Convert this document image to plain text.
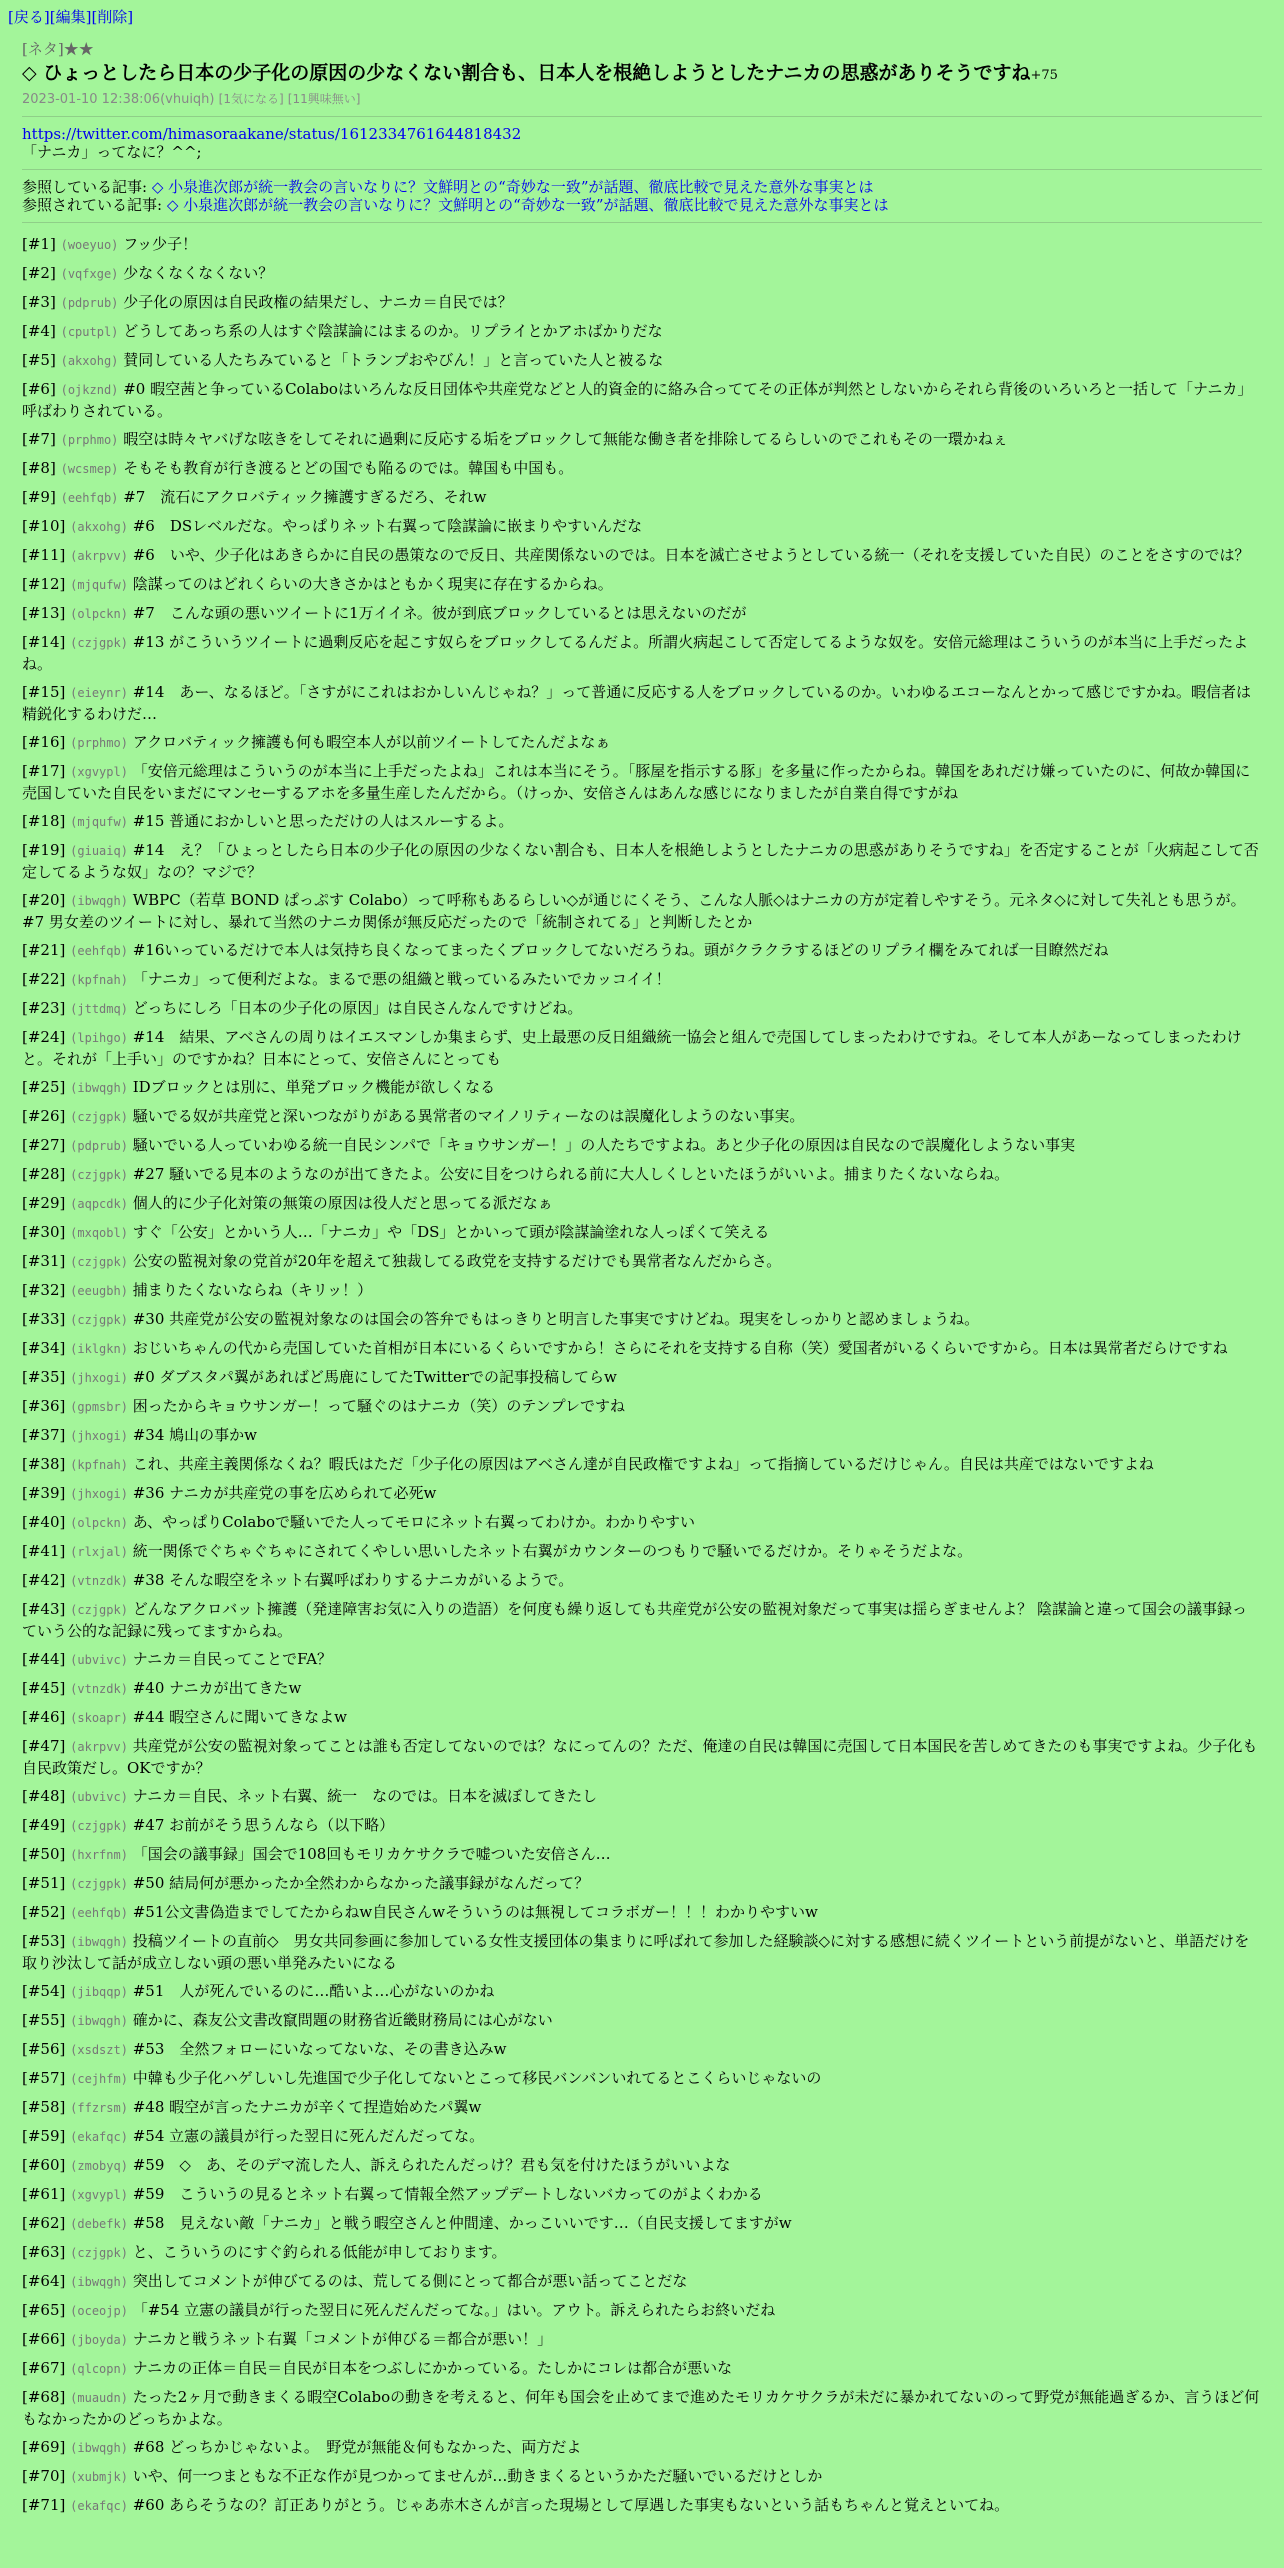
[戻る][編集][削除]
[ネタ]★★
◇ ひょっとしたら日本の少子化の原因の少なくない割合も、日本人を根絶しようとしたナニカの思惑がありそうですね+75
2023-01-10 12:38:06(vhuiqh) [1気になる] [11興味無い]
https://twitter.com/himasoraakane/status/1612334761644818432
「ナニカ」ってなに？^^;
参照している記事: ◇ 小泉進次郎が統一教会の言いなりに？文鮮明との“奇妙な一致”が話題、徹底比較で見えた意外な事実とは
参照されている記事: ◇ 小泉進次郎が統一教会の言いなりに？文鮮明との“奇妙な一致”が話題、徹底比較で見えた意外な事実とは
[#1] (woeyuo) フッ少子！
[#2] (vqfxge) 少なくなくなくない？
[#3] (pdprub) 少子化の原因は自民政権の結果だし、ナニカ＝自民では？
[#4] (cputpl) どうしてあっち系の人はすぐ陰謀論にはまるのか。リプライとかアホばかりだな
[#5] (akxohg) 賛同している人たちみていると「トランプおやびん！」と言っていた人と被るな
[#6] (ojkznd) #0 暇空茜と争っているColaboはいろんな反日団体や共産党などと人的資金的に絡み合っててその正体が判然としないからそれら背後のいろいろと一括して「ナニカ」呼ばわりされている。
[#7] (prphmo) 暇空は時々ヤバげな呟きをしてそれに過剰に反応する垢をブロックして無能な働き者を排除してるらしいのでこれもその一環かねぇ
[#8] (wcsmep) そもそも教育が行き渡るとどの国でも陥るのでは。韓国も中国も。
[#9] (eehfqb) #7　流石にアクロバティック擁護すぎるだろ、それw
[#10] (akxohg) #6　DSレベルだな。やっぱりネット右翼って陰謀論に嵌まりやすいんだな
[#11] (akrpvv) #6　いや、少子化はあきらかに自民の愚策なので反日、共産関係ないのでは。日本を滅亡させようとしている統一（それを支援していた自民）のことをさすのでは？
[#12] (mjqufw) 陰謀ってのはどれくらいの大きさかはともかく現実に存在するからね。
[#13] (olpckn) #7　こんな頭の悪いツイートに1万イイネ。彼が到底ブロックしているとは思えないのだが
[#14] (czjgpk) #13 がこういうツイートに過剰反応を起こす奴らをブロックしてるんだよ。所謂火病起こして否定してるような奴を。安倍元総理はこういうのが本当に上手だったよね。
[#15] (eieynr) #14　あー、なるほど。「さすがにこれはおかしいんじゃね？」って普通に反応する人をブロックしているのか。いわゆるエコーなんとかって感じですかね。暇信者は精鋭化するわけだ…
[#16] (prphmo) アクロバティック擁護も何も暇空本人が以前ツイートしてたんだよなぁ
[#17] (xgvypl) 「安倍元総理はこういうのが本当に上手だったよね」これは本当にそう。「豚屋を指示する豚」を多量に作ったからね。韓国をあれだけ嫌っていたのに、何故か韓国に売国していた自民をいまだにマンセーするアホを多量生産したんだから。（けっか、安倍さんはあんな感じになりましたが自業自得ですがね
[#18] (mjqufw) #15 普通におかしいと思っただけの人はスルーするよ。
[#19] (giuaiq) #14　え？「ひょっとしたら日本の少子化の原因の少なくない割合も、日本人を根絶しようとしたナニカの思惑がありそうですね」を否定することが「火病起こして否定してるような奴」なの？マジで？
[#20] (ibwqgh) WBPC（若草 BOND ぱっぷす Colabo）って呼称もあるらしい◇が通じにくそう、こんな人脈◇はナニカの方が定着しやすそう。元ネタ◇に対して失礼とも思うが。　#7 男女差のツイートに対し、暴れて当然のナニカ関係が無反応だったので「統制されてる」と判断したとか
[#21] (eehfqb) #16いっているだけで本人は気持ち良くなってまったくブロックしてないだろうね。頭がクラクラするほどのリプライ欄をみてれば一目瞭然だね
[#22] (kpfnah) 「ナニカ」って便利だよな。まるで悪の組織と戦っているみたいでカッコイイ！
[#23] (jttdmq) どっちにしろ「日本の少子化の原因」は自民さんなんですけどね。
[#24] (lpihgo) #14　結果、アベさんの周りはイエスマンしか集まらず、史上最悪の反日組織統一協会と組んで売国してしまったわけですね。そして本人があーなってしまったわけと。それが「上手い」のですかね？日本にとって、安倍さんにとっても
[#25] (ibwqgh) IDブロックとは別に、単発ブロック機能が欲しくなる
[#26] (czjgpk) 騒いでる奴が共産党と深いつながりがある異常者のマイノリティーなのは誤魔化しようのない事実。
[#27] (pdprub) 騒いでいる人っていわゆる統一自民シンパで「キョウサンガー！」の人たちですよね。あと少子化の原因は自民なので誤魔化しようない事実
[#28] (czjgpk) #27 騒いでる見本のようなのが出てきたよ。公安に目をつけられる前に大人しくしといたほうがいいよ。捕まりたくないならね。
[#29] (aqpcdk) 個人的に少子化対策の無策の原因は役人だと思ってる派だなぁ
[#30] (mxqobl) すぐ「公安」とかいう人…「ナニカ」や「DS」とかいって頭が陰謀論塗れな人っぽくて笑える
[#31] (czjgpk) 公安の監視対象の党首が20年を超えて独裁してる政党を支持するだけでも異常者なんだからさ。
[#32] (eeugbh) 捕まりたくないならね（キリッ！）
[#33] (czjgpk) #30 共産党が公安の監視対象なのは国会の答弁でもはっきりと明言した事実ですけどね。現実をしっかりと認めましょうね。
[#34] (iklgkn) おじいちゃんの代から売国していた首相が日本にいるくらいですから！さらにそれを支持する自称（笑）愛国者がいるくらいですから。日本は異常者だらけですね
[#35] (jhxogi) #0 ダブスタパ翼があればど馬鹿にしてたTwitterでの記事投稿してらw
[#36] (gpmsbr) 困ったからキョウサンガー！って騒ぐのはナニカ（笑）のテンプレですね
[#37] (jhxogi) #34 鳩山の事かw
[#38] (kpfnah) これ、共産主義関係なくね？暇氏はただ「少子化の原因はアベさん達が自民政権ですよね」って指摘しているだけじゃん。自民は共産ではないですよね
[#39] (jhxogi) #36 ナニカが共産党の事を広められて必死w
[#40] (olpckn) あ、やっぱりColaboで騒いでた人ってモロにネット右翼ってわけか。わかりやすい
[#41] (rlxjal) 統一関係でぐちゃぐちゃにされてくやしい思いしたネット右翼がカウンターのつもりで騒いでるだけか。そりゃそうだよな。
[#42] (vtnzdk) #38 そんな暇空をネット右翼呼ばわりするナニカがいるようで。
[#43] (czjgpk) どんなアクロバット擁護（発達障害お気に入りの造語）を何度も繰り返しても共産党が公安の監視対象だって事実は揺らぎませんよ？ 陰謀論と違って国会の議事録っていう公的な記録に残ってますからね。
[#44] (ubvivc) ナニカ＝自民ってことでFA？
[#45] (vtnzdk) #40 ナニカが出てきたw
[#46] (skoapr) #44 暇空さんに聞いてきなよw
[#47] (akrpvv) 共産党が公安の監視対象ってことは誰も否定してないのでは？なにってんの？ただ、俺達の自民は韓国に売国して日本国民を苦しめてきたのも事実ですよね。少子化も自民政策だし。OKですか？
[#48] (ubvivc) ナニカ＝自民、ネット右翼、統一　なのでは。日本を滅ぼしてきたし
[#49] (czjgpk) #47 お前がそう思うんなら（以下略）
[#50] (hxrfnm) 「国会の議事録」国会で108回もモリカケサクラで嘘ついた安倍さん…
[#51] (czjgpk) #50 結局何が悪かったか全然わからなかった議事録がなんだって？
[#52] (eehfqb) #51公文書偽造までしてたからねw自民さんwそういうのは無視してコラボガー！！！わかりやすいw
[#53] (ibwqgh) 投稿ツイートの直前◇　男女共同参画に参加している女性支援団体の集まりに呼ばれて参加した経験談◇に対する感想に続くツイートという前提がないと、単語だけを取り沙汰して話が成立しない頭の悪い単発みたいになる
[#54] (jibqqp) #51　人が死んでいるのに…酷いよ…心がないのかね
[#55] (ibwqgh) 確かに、森友公文書改竄問題の財務省近畿財務局には心がない
[#56] (xsdszt) #53　全然フォローにいなってないな、その書き込みw
[#57] (cejhfm) 中韓も少子化ハゲしいし先進国で少子化してないとこって移民バンバンいれてるとこくらいじゃないの
[#58] (ffzrsm) #48 暇空が言ったナニカが辛くて捏造始めたパ翼w
[#59] (ekafqc) #54 立憲の議員が行った翌日に死んだんだってな。
[#60] (zmobyq) #59　◇　あ、そのデマ流した人、訴えられたんだっけ？君も気を付けたほうがいいよな
[#61] (xgvypl) #59　こういうの見るとネット右翼って情報全然アップデートしないバカってのがよくわかる
[#62] (debefk) #58　見えない敵「ナニカ」と戦う暇空さんと仲間達、かっこいいです…（自民支援してますがw
[#63] (czjgpk) と、こういうのにすぐ釣られる低能が申しております。
[#64] (ibwqgh) 突出してコメントが伸びてるのは、荒してる側にとって都合が悪い話ってことだな
[#65] (oceojp) 「#54 立憲の議員が行った翌日に死んだんだってな。」はい。アウト。訴えられたらお終いだね
[#66] (jboyda) ナニカと戦うネット右翼「コメントが伸びる＝都合が悪い！」
[#67] (qlcopn) ナニカの正体＝自民＝自民が日本をつぶしにかかっている。たしかにコレは都合が悪いな
[#68] (muaudn) たった2ヶ月で動きまくる暇空Colaboの動きを考えると、何年も国会を止めてまで進めたモリカケサクラが未だに暴かれてないのって野党が無能過ぎるか、言うほど何もなかったかのどっちかよな。
[#69] (ibwqgh) #68 どっちかじゃないよ。　野党が無能＆何もなかった、両方だよ
[#70] (xubmjk) いや、何一つまともな不正な作が見つかってませんが…動きまくるというかただ騒いでいるだけとしか
[#71] (ekafqc) #60 あらそうなの？訂正ありがとう。じゃあ赤木さんが言った現場として厚遇した事実もないという話もちゃんと覚えといてね。
